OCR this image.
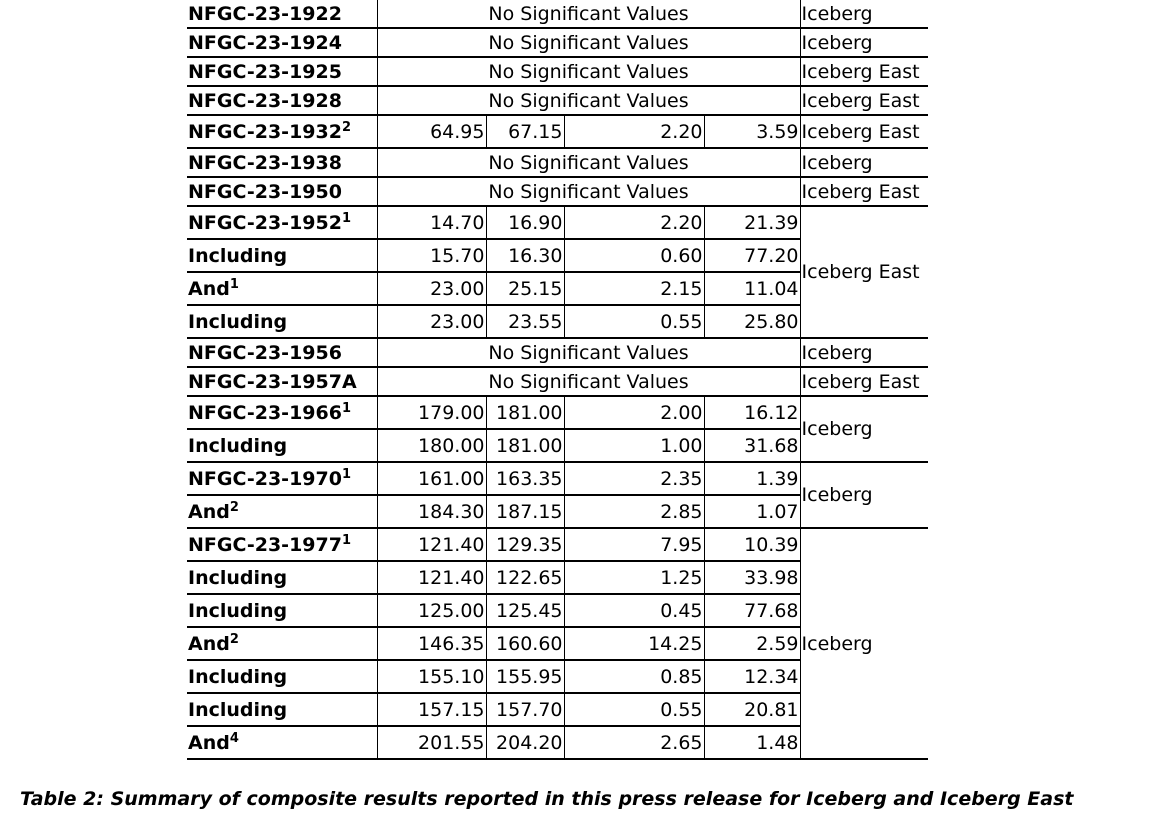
NFGC-23-1922	No Significant Values				Iceberg
NFGC-23-1924	No Significant Values				Iceberg
NFGC-23-1925	No Significant Values				Iceberg East
NFGC-23-1928	No Significant Values				Iceberg East
NFGC-23-1932$^2$	64.95	67.15	2.20	3.59	Iceberg East
NFGC-23-1938	No Significant Values				Iceberg
NFGC-23-1950	No Significant Values				Iceberg East
NFGC-23-1952$^1$	14.70	16.90	2.20	21.39	Iceberg East
Including	15.70	16.30	0.60	77.20	
And$^1$	23.00	25.15	2.15	11.04	
Including	23.00	23.55	0.55	25.80	
NFGC-23-1956	No Significant Values				Iceberg
NFGC-23-1957A	No Significant Values				Iceberg East
NFGC-23-1966$^1$	179.00	181.00	2.00	16.12	Iceberg
Including	180.00	181.00	1.00	31.68	
NFGC-23-1970$^1$	161.00	163.35	2.35	1.39	Iceberg
And$^2$	184.30	187.15	2.85	1.07	
NFGC-23-1977$^1$	121.40	129.35	7.95	10.39	Iceberg
Including	121.40	122.65	1.25	33.98	
Including	125.00	125.45	0.45	77.68	
And$^2$	146.35	160.60	14.25	2.59	
Including	155.10	155.95	0.85	12.34	
Including	157.15	157.70	0.55	20.81	
And$^4$	201.55	204.20	2.65	1.48	
Table 2: Summary of composite results reported in this press release for Iceberg and Iceberg East
